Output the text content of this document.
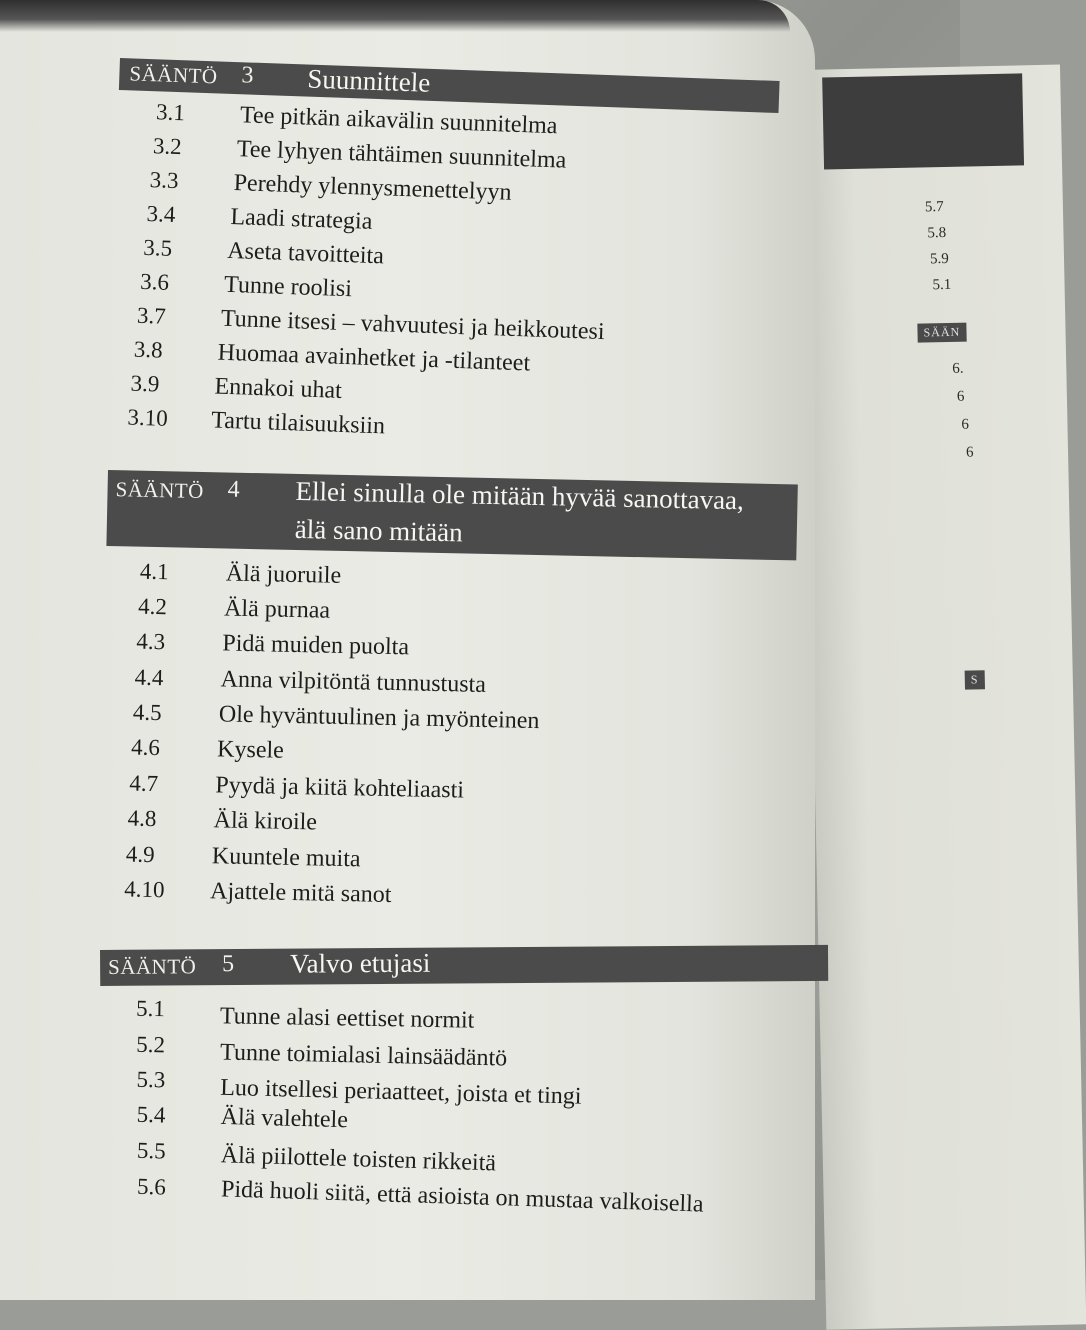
5.7
5.8
5.9
5.1
SÄÄN
6.
6
6
6
S
SÄÄNTÖ 3 Suunnittele
3.1 Tee pitkän aikavälin suunnitelma
3.2 Tee lyhyen tähtäimen suunnitelma
3.3 Perehdy ylennysmenettelyyn
3.4 Laadi strategia
3.5 Aseta tavoitteita
3.6 Tunne roolisi
3.7 Tunne itsesi – vahvuutesi ja heikkoutesi
3.8 Huomaa avainhetket ja -tilanteet
3.9 Ennakoi uhat
3.10 Tartu tilaisuuksiin
SÄÄNTÖ 4 Ellei sinulla ole mitään hyvää sanottavaa,
älä sano mitään
4.1 Älä juoruile
4.2 Älä purnaa
4.3 Pidä muiden puolta
4.4 Anna vilpitöntä tunnustusta
4.5 Ole hyväntuulinen ja myönteinen
4.6 Kysele
4.7 Pyydä ja kiitä kohteliaasti
4.8 Älä kiroile
4.9 Kuuntele muita
4.10 Ajattele mitä sanot
SÄÄNTÖ 5 Valvo etujasi
5.1 Tunne alasi eettiset normit
5.2 Tunne toimialasi lainsäädäntö
5.3 Luo itsellesi periaatteet, joista et tingi
5.4 Älä valehtele
5.5 Älä piilottele toisten rikkeitä
5.6 Pidä huoli siitä, että asioista on mustaa valkoisella
